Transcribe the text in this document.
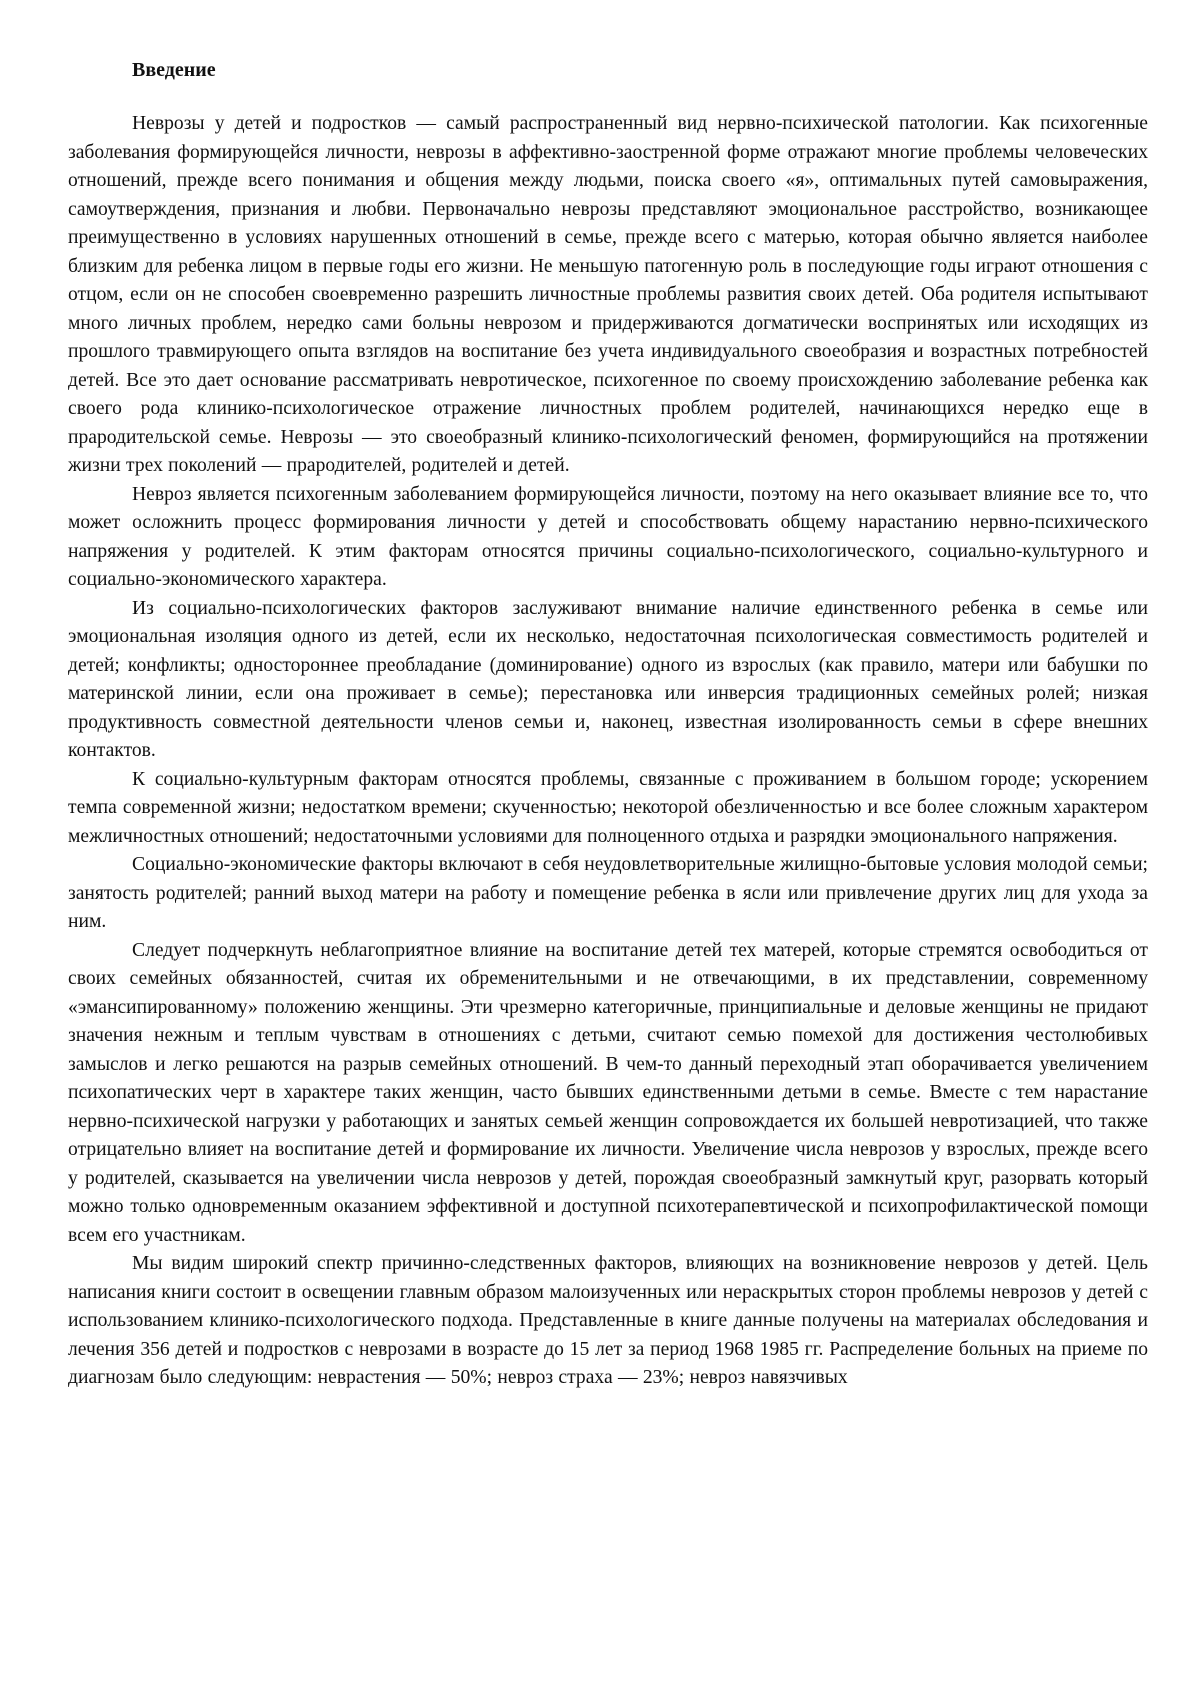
Введение

Неврозы у детей и подростков — самый распространенный вид нервно-психической патологии. Как психогенные заболевания формирующейся личности, неврозы в аффективно-заостренной форме отражают многие проблемы человеческих отношений, прежде всего понимания и общения между людьми, поиска своего «я», оптимальных путей самовыражения, самоутверждения, признания и любви. Первоначально неврозы представляют эмоциональное расстройство, возникающее преимущественно в условиях нарушенных отношений в семье, прежде всего с матерью, которая обычно является наиболее близким для ребенка лицом в первые годы его жизни. Не меньшую патогенную роль в последующие годы играют отношения с отцом, если он не способен своевременно разрешить личностные проблемы развития своих детей. Оба родителя испытывают много личных проблем, нередко сами больны неврозом и придерживаются догматически воспринятых или исходящих из прошлого травмирующего опыта взглядов на воспитание без учета индивидуального своеобразия и возрастных потребностей детей. Все это дает основание рассматривать невротическое, психогенное по своему происхождению заболевание ребенка как своего рода клинико-психологическое отражение личностных проблем родителей, начинающихся нередко еще в прародительской семье. Неврозы — это своеобразный клинико-психологический феномен, формирующийся на протяжении жизни трех поколений — прародителей, родителей и детей.

Невроз является психогенным заболеванием формирующейся личности, поэтому на него оказывает влияние все то, что может осложнить процесс формирования личности у детей и способствовать общему нарастанию нервно-психического напряжения у родителей. К этим факторам относятся причины социально-психологического, социально-культурного и социально-экономического характера.

Из социально-психологических факторов заслуживают внимание наличие единственного ребенка в семье или эмоциональная изоляция одного из детей, если их несколько, недостаточная психологическая совместимость родителей и детей; конфликты; одностороннее преобладание (доминирование) одного из взрослых (как правило, матери или бабушки по материнской линии, если она проживает в семье); перестановка или инверсия традиционных семейных ролей; низкая продуктивность совместной деятельности членов семьи и, наконец, известная изолированность семьи в сфере внешних контактов.

К социально-культурным факторам относятся проблемы, связанные с проживанием в большом городе; ускорением темпа современной жизни; недостатком времени; скученностью; некоторой обезличенностью и все более сложным характером межличностных отношений; недостаточными условиями для полноценного отдыха и разрядки эмоционального напряжения.

Социально-экономические факторы включают в себя неудовлетворительные жилищно-бытовые условия молодой семьи; занятость родителей; ранний выход матери на работу и помещение ребенка в ясли или привлечение других лиц для ухода за ним.

Следует подчеркнуть неблагоприятное влияние на воспитание детей тех матерей, которые стремятся освободиться от своих семейных обязанностей, считая их обременительными и не отвечающими, в их представлении, современному «эмансипированному» положению женщины. Эти чрезмерно категоричные, принципиальные и деловые женщины не придают значения нежным и теплым чувствам в отношениях с детьми, считают семью помехой для достижения честолюбивых замыслов и легко решаются на разрыв семейных отношений. В чем-то данный переходный этап оборачивается увеличением психопатических черт в характере таких женщин, часто бывших единственными детьми в семье. Вместе с тем нарастание нервно-психической нагрузки у работающих и занятых семьей женщин сопровождается их большей невротизацией, что также отрицательно влияет на воспитание детей и формирование их личности. Увеличение числа неврозов у взрослых, прежде всего у родителей, сказывается на увеличении числа неврозов у детей, порождая своеобразный замкнутый круг, разорвать который можно только одновременным оказанием эффективной и доступной психотерапевтической и психопрофилактической помощи всем его участникам.

Мы видим широкий спектр причинно-следственных факторов, влияющих на возникновение неврозов у детей. Цель написания книги состоит в освещении главным образом малоизученных или нераскрытых сторон проблемы неврозов у детей с использованием клинико-психологического подхода. Представленные в книге данные получены на материалах обследования и лечения 356 детей и подростков с неврозами в возрасте до 15 лет за период 1968 1985 гг. Распределение больных на приеме по диагнозам было следующим: неврастения — 50%; невроз страха — 23%; невроз навязчивых
